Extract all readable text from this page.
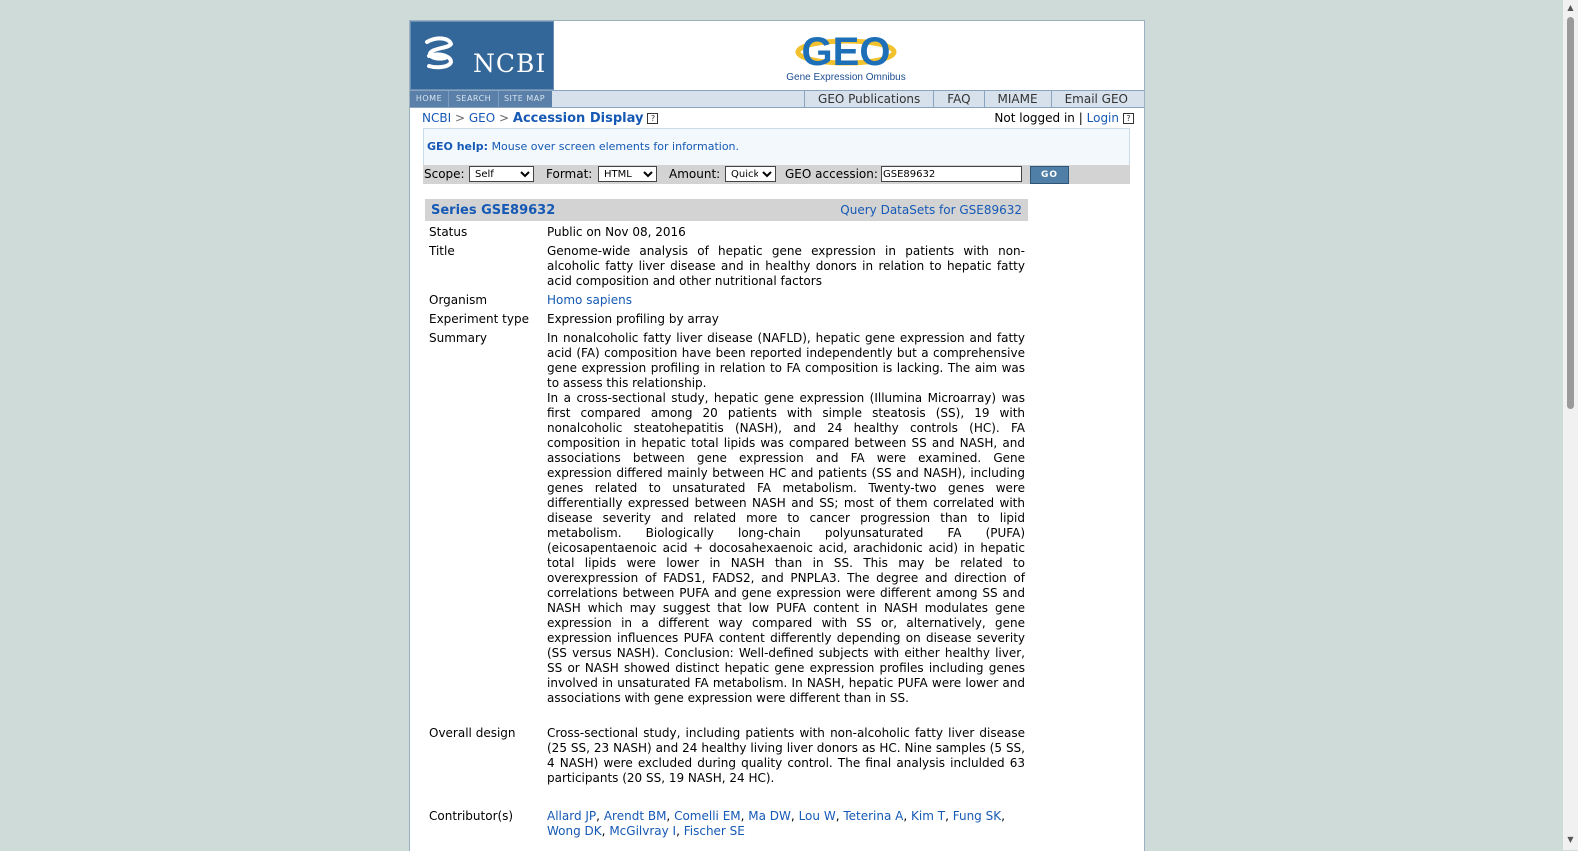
NCBI	GEO
Gene Expression Omnibus
HOME	SEARCH	SITE MAP	GEO Publications	FAQ	MIAME	Email GEO
NCBI > GEO > Accession Display ?	Not logged in | Login ?
GEO help: Mouse over screen elements for information.
Scope:
Self	Format:
HTML	Amount:
Quick	GEO accession:
GSE89632	GO
Series GSE89632	Query DataSets for GSE89632
Status	Public on Nov 08, 2016
Title	Genome-wide analysis of hepatic gene expression in patients with non-alcoholic fatty liver disease and in healthy donors in relation to hepatic fatty acid composition and other nutritional factors
Organism	Homo sapiens
Experiment type	Expression profiling by array
Summary	In nonalcoholic fatty liver disease (NAFLD), hepatic gene expression and fatty acid (FA) composition have been reported independently but a comprehensive gene expression profiling in relation to FA composition is lacking. The aim was to assess this relationship.
In a cross-sectional study, hepatic gene expression (Illumina Microarray) was first compared among 20 patients with simple steatosis (SS), 19 with nonalcoholic steatohepatitis (NASH), and 24 healthy controls (HC). FA composition in hepatic total lipids was compared between SS and NASH, and associations between gene expression and FA were examined. Gene expression differed mainly between HC and patients (SS and NASH), including genes related to unsaturated FA metabolism. Twenty-two genes were differentially expressed between NASH and SS; most of them correlated with disease severity and related more to cancer progression than to lipid metabolism. Biologically long-chain polyunsaturated FA (PUFA) (eicosapentaenoic acid + docosahexaenoic acid, arachidonic acid) in hepatic total lipids were lower in NASH than in SS. This may be related to overexpression of FADS1, FADS2, and PNPLA3. The degree and direction of correlations between PUFA and gene expression were different among SS and NASH which may suggest that low PUFA content in NASH modulates gene expression in a different way compared with SS or, alternatively, gene expression influences PUFA content differently depending on disease severity (SS versus NASH). Conclusion: Well-defined subjects with either healthy liver, SS or NASH showed distinct hepatic gene expression profiles including genes involved in unsaturated FA metabolism. In NASH, hepatic PUFA were lower and associations with gene expression were different than in SS.
Overall design	Cross-sectional study, including patients with non-alcoholic fatty liver disease (25 SS, 23 NASH) and 24 healthy living liver donors as HC. Nine samples (5 SS, 4 NASH) were excluded during quality control. The final analysis inclulded 63 participants (20 SS, 19 NASH, 24 HC).
Contributor(s)	Allard JP, Arendt BM, Comelli EM, Ma DW, Lou W, Teterina A, Kim T, Fung SK, Wong DK, McGilvray I, Fischer SE
▲
▼
